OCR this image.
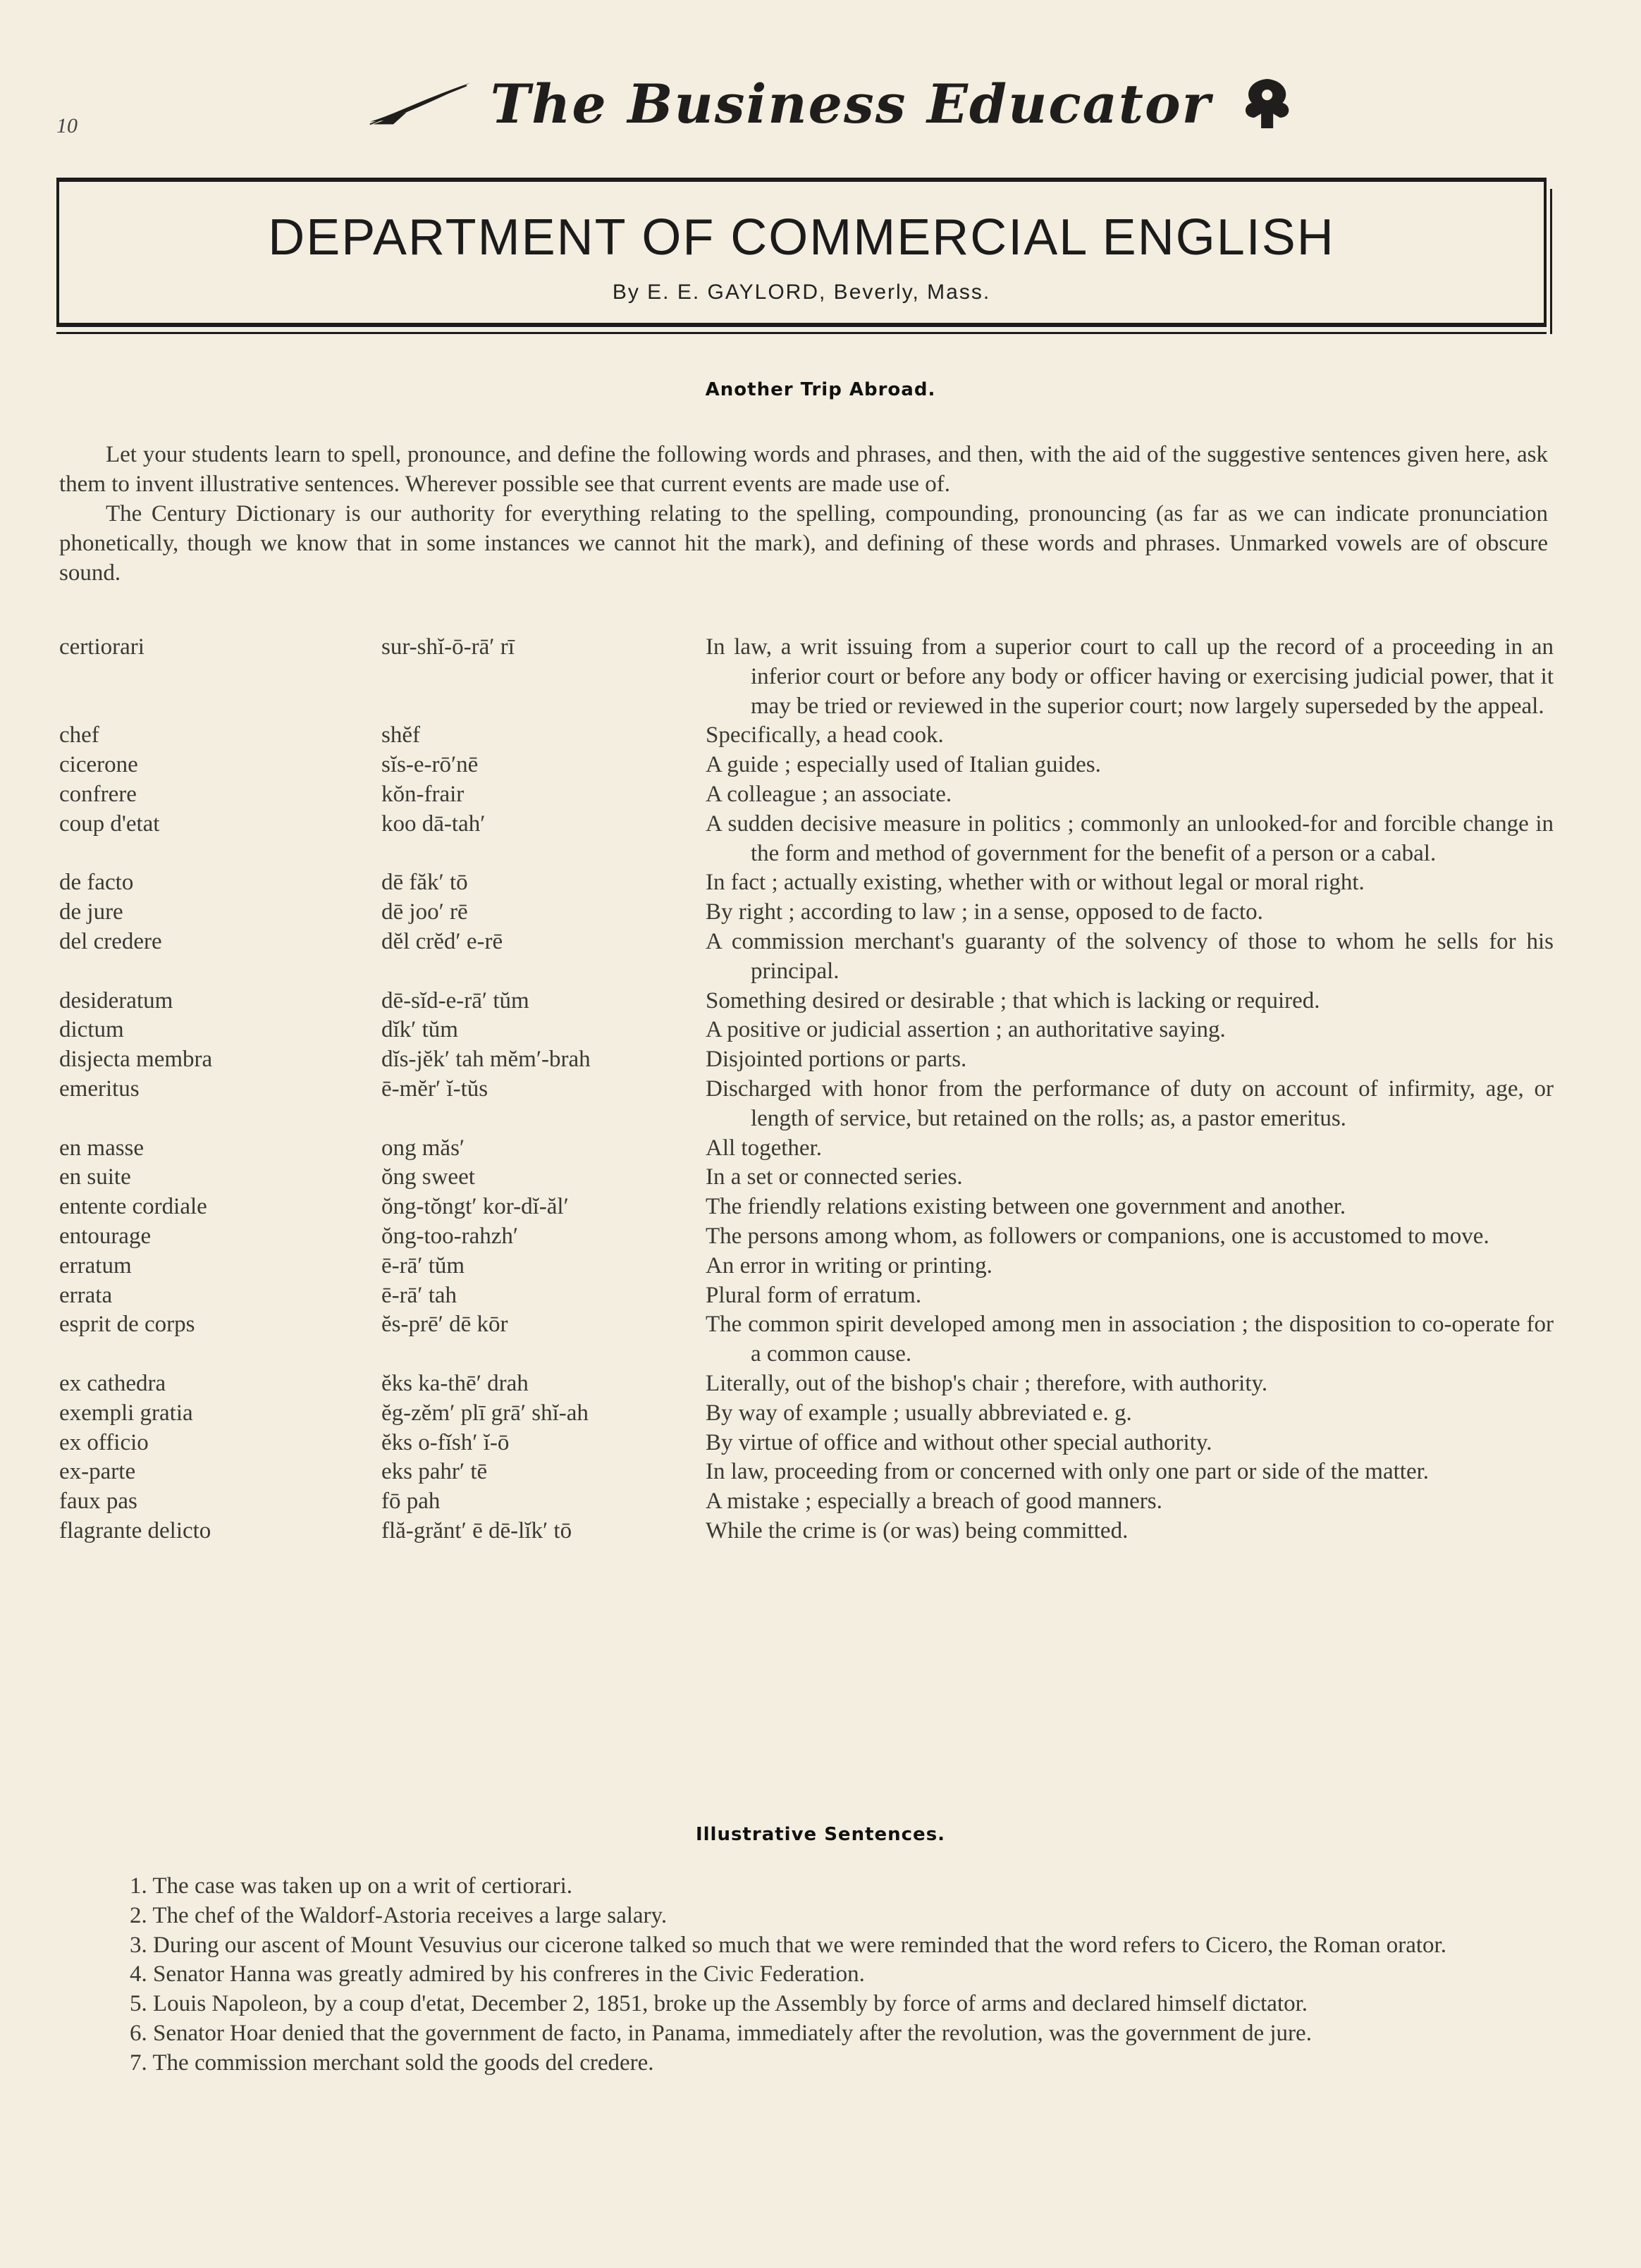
10	The Business Educator
DEPARTMENT OF COMMERCIAL ENGLISH
By E. E. GAYLORD, Beverly, Mass.
Another Trip Abroad.

Let your students learn to spell, pronounce, and define the following words and phrases, and then, with the aid of the suggestive sentences given here, ask them to invent illustrative sentences. Wherever possible see that current events are made use of.

The Century Dictionary is our authority for everything relating to the spelling, compounding, pronouncing (as far as we can indicate pronunciation phonetically, though we know that in some instances we cannot hit the mark), and defining of these words and phrases. Unmarked vowels are of obscure sound.

certiorari	sur-shĭ-ō-rā′ rī	In law, a writ issuing from a superior court to call up the record of a proceeding in an inferior court or before any body or officer having or exercising judicial power, that it may be tried or reviewed in the superior court; now largely superseded by the appeal.
chef	shĕf	Specifically, a head cook.
cicerone	sĭs-e-rō′nē	A guide ; especially used of Italian guides.
confrere	kŏn-frair	A colleague ; an associate.
coup d'etat	koo dā-tah′	A sudden decisive measure in politics ; commonly an unlooked-for and forcible change in the form and method of government for the benefit of a person or a cabal.
de facto	dē făk′ tō	In fact ; actually existing, whether with or without legal or moral right.
de jure	dē joo′ rē	By right ; according to law ; in a sense, opposed to de facto.
del credere	dĕl crĕd′ e-rē	A commission merchant's guaranty of the solvency of those to whom he sells for his principal.
desideratum	dē-sĭd-e-rā′ tŭm	Something desired or desirable ; that which is lacking or required.
dictum	dĭk′ tŭm	A positive or judicial assertion ; an authoritative saying.
disjecta membra	dĭs-jĕk′ tah mĕm′-brah	Disjointed portions or parts.
emeritus	ē-mĕr′ ĭ-tŭs	Discharged with honor from the performance of duty on account of infirmity, age, or length of service, but retained on the rolls; as, a pastor emeritus.
en masse	ong măs′	All together.
en suite	ŏng sweet	In a set or connected series.
entente cordiale	ŏng-tŏngt′ kor-dĭ-ăl′	The friendly relations existing between one government and another.
entourage	ŏng-too-rahzh′	The persons among whom, as followers or companions, one is accustomed to move.
erratum	ē-rā′ tŭm	An error in writing or printing.
errata	ē-rā′ tah	Plural form of erratum.
esprit de corps	ĕs-prē′ dē kōr	The common spirit developed among men in association ; the disposition to co-operate for a common cause.
ex cathedra	ĕks ka-thē′ drah	Literally, out of the bishop's chair ; therefore, with authority.
exempli gratia	ĕg-zĕm′ plī grā′ shĭ-ah	By way of example ; usually abbreviated e. g.
ex officio	ĕks o-fĭsh′ ĭ-ō	By virtue of office and without other special authority.
ex-parte	eks pahr′ tē	In law, proceeding from or concerned with only one part or side of the matter.
faux pas	fō pah	A mistake ; especially a breach of good manners.
flagrante delicto	flă-grănt′ ē dē-lĭk′ tō	While the crime is (or was) being committed.
Illustrative Sentences.

1. The case was taken up on a writ of certiorari.

2. The chef of the Waldorf-Astoria receives a large salary.

3. During our ascent of Mount Vesuvius our cicerone talked so much that we were reminded that the word refers to Cicero, the Roman orator.

4. Senator Hanna was greatly admired by his confreres in the Civic Federation.

5. Louis Napoleon, by a coup d'etat, December 2, 1851, broke up the Assembly by force of arms and declared himself dictator.

6. Senator Hoar denied that the government de facto, in Panama, immediately after the revolution, was the government de jure.

7. The commission merchant sold the goods del credere.
